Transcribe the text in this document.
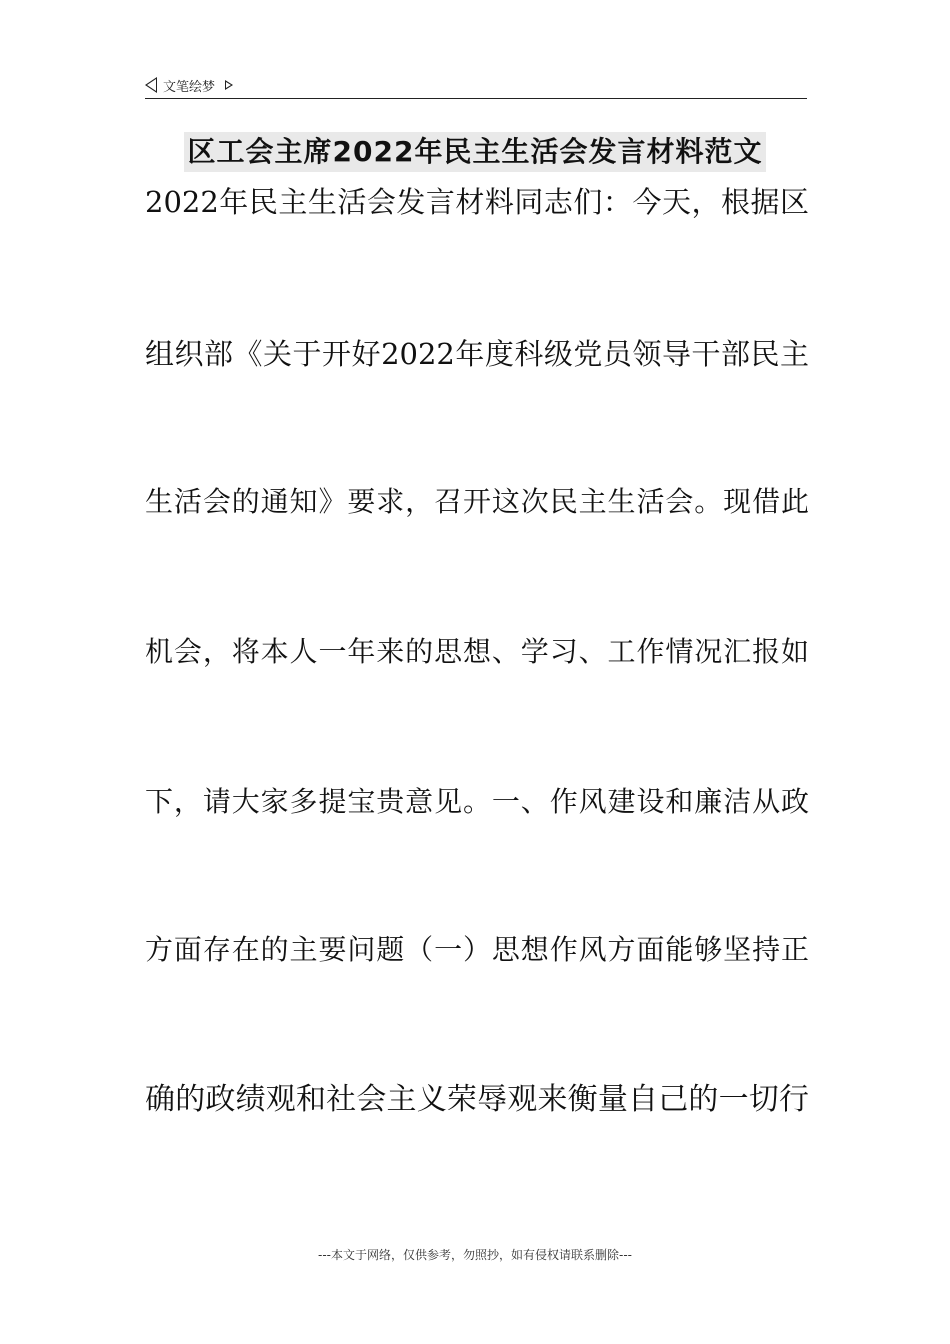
文笔绘梦
区工会主席2022年民主生活会发言材料范文
2022年民主生活会发言材料同志们：今天，根据区
组织部《关于开好2022年度科级党员领导干部民主
生活会的通知》要求，召开这次民主生活会。现借此
机会，将本人一年来的思想、学习、工作情况汇报如
下，请大家多提宝贵意见。一、作风建设和廉洁从政
方面存在的主要问题（一）思想作风方面能够坚持正
确的政绩观和社会主义荣辱观来衡量自己的一切行
---本文于网络，仅供参考，勿照抄，如有侵权请联系删除---
